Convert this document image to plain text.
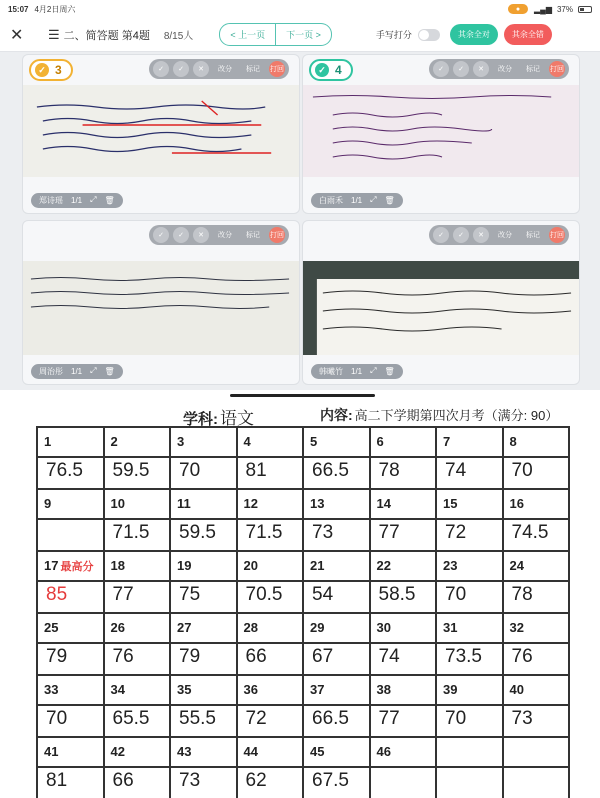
15:07 4月2日周六	●	▂▄▆ 37%
✕	☰ 二、简答题 第4题 8/15人	< 上一页	下一页 >	手写打分	其余全对	其余全错
✓ 3	✓	✓	✕	改分	标记	打回
郑诗瑶 1/1 ⤢ 🗑
✓ 4	✓	✓	✕	改分	标记	打回
白雨禾 1/1 ⤢ 🗑
✓	✓	✕	改分	标记	打回
周治彤 1/1 ⤢ 🗑
✓	✓	✕	改分	标记	打回
韩曦竹 1/1 ⤢ 🗑
学科: 语文	内容: 高二下学期第四次月考（满分: 90）
1	2	3	4	5	6	7	8
76.5	59.5	70	81	66.5	78	74	70
9	10	11	12	13	14	15	16
	71.5	59.5	71.5	73	77	72	74.5
17 最高分	18	19	20	21	22	23	24
85	77	75	70.5	54	58.5	70	78
25	26	27	28	29	30	31	32
79	76	79	66	67	74	73.5	76
33	34	35	36	37	38	39	40
70	65.5	55.5	72	66.5	77	70	73
41	42	43	44	45	46		
81	66	73	62	67.5			
